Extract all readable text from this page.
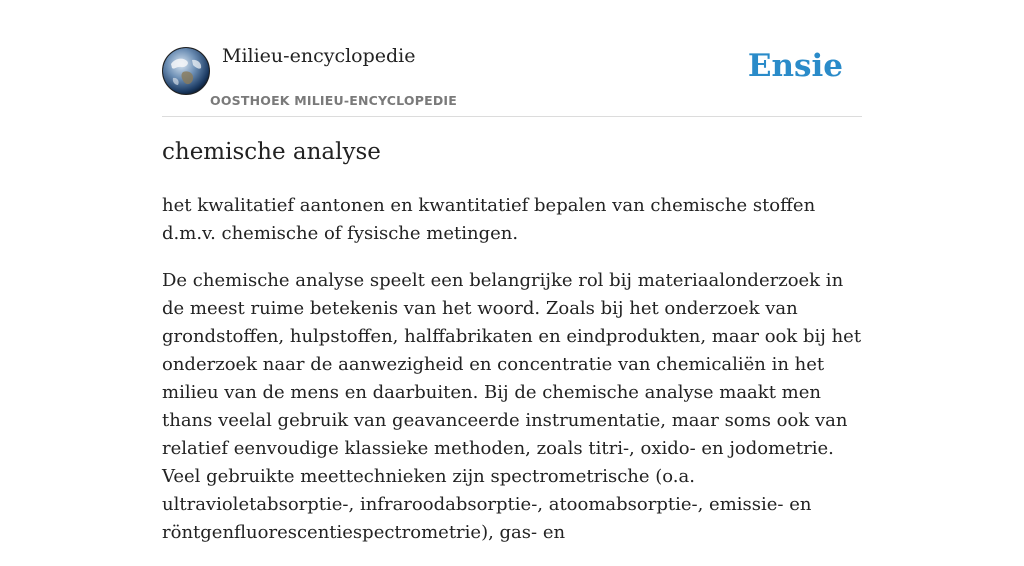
Milieu-encyclopedie
OOSTHOEK MILIEU-ENCYCLOPEDIE
Ensie
chemische analyse

het kwalitatief aantonen en kwantitatief bepalen van chemische stoffen d.m.v. chemische of fysische metingen.

De chemische analyse speelt een belangrijke rol bij materiaalonderzoek in de meest ruime betekenis van het woord. Zoals bij het onderzoek van grondstoffen, hulpstoffen, halffabrikaten en eindprodukten, maar ook bij het onderzoek naar de aanwezigheid en concentratie van chemicaliën in het milieu van de mens en daarbuiten. Bij de chemische analyse maakt men thans veelal gebruik van geavanceerde instrumentatie, maar soms ook van relatief eenvoudige klassieke methoden, zoals titri-, oxido- en jodometrie. Veel gebruikte meettechnieken zijn spectrometrische (o.a. ultravioletabsorptie-, infraroodabsorptie-, atoomabsorptie-, emissie- en röntgenfluorescentiespectrometrie), gas- en
